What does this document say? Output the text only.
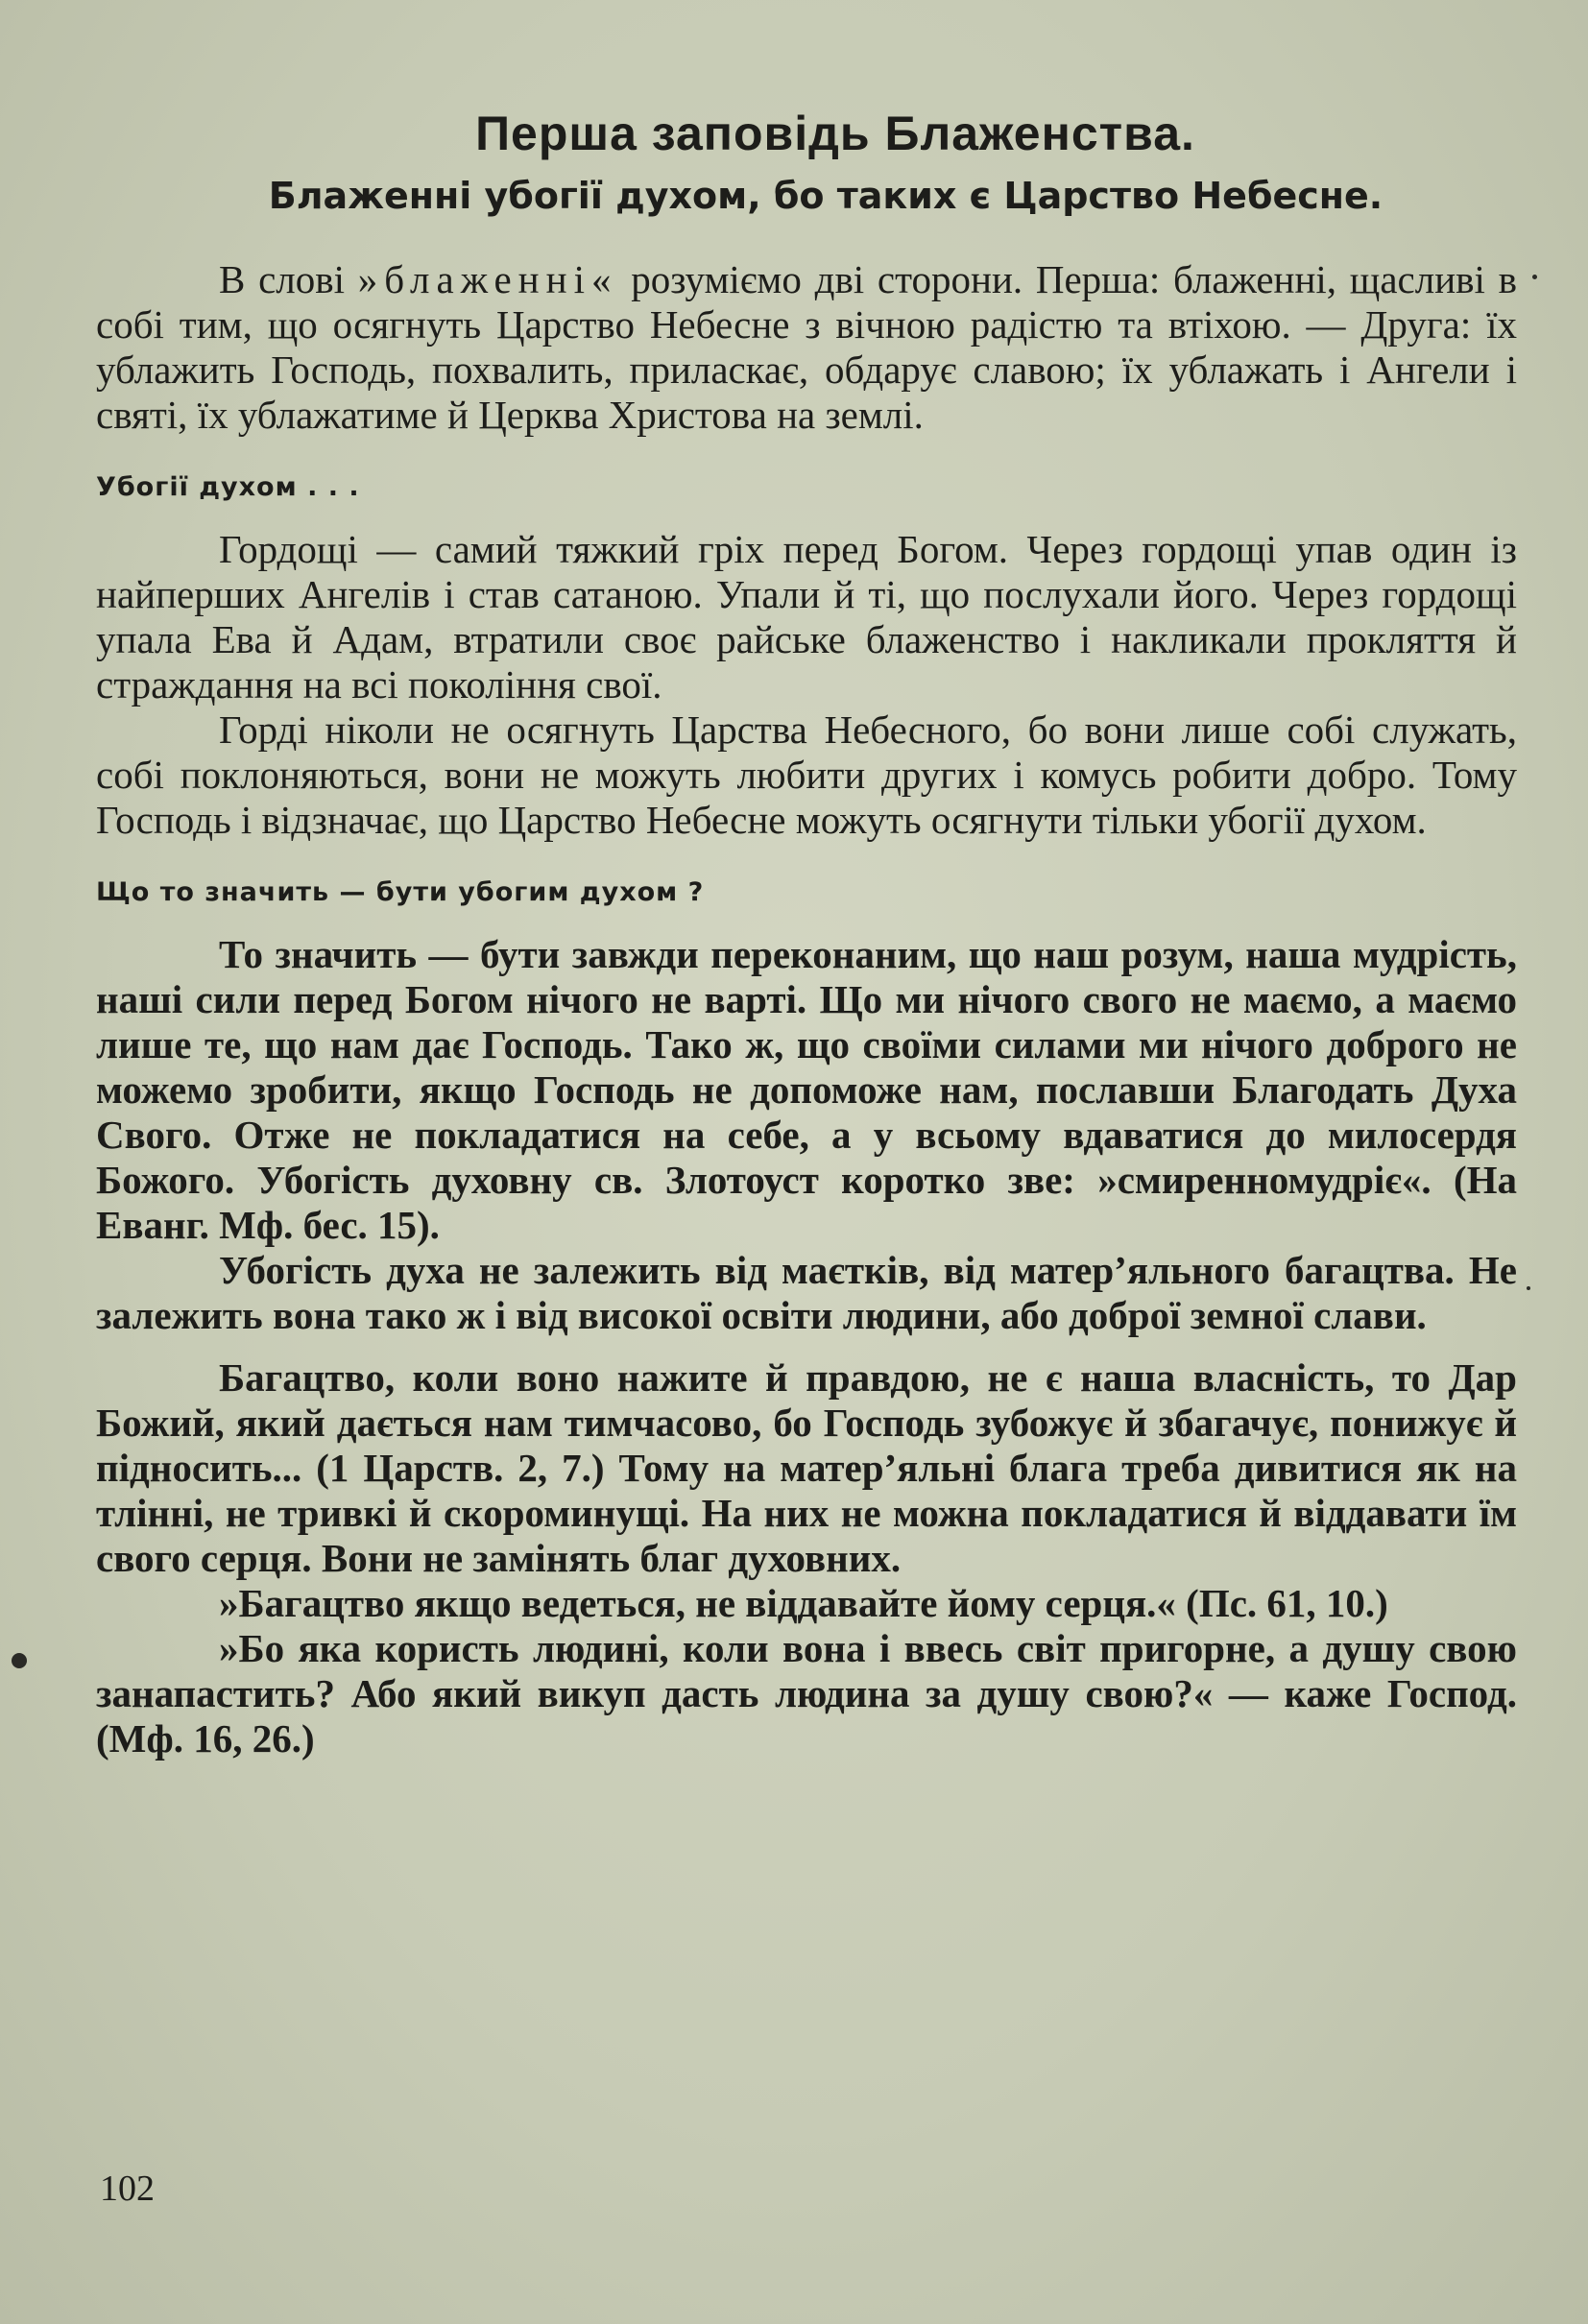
Перша заповідь Блаженства.
Блаженні убогії духом, бо таких є Царство Небесне.

В слові »блаженні« розуміємо дві сторони. Перша: блаженні, щасливі в собі тим, що осягнуть Царство Небесне з вічною радістю та втіхою. — Друга: їх ублажить Господь, похвалить, приласкає, обдарує славою; їх ублажать і Ангели і святі, їх ублажатиме й Церква Христова на землі.

Убогії духом . . .

Гордощі — самий тяжкий гріх перед Богом. Через гордощі упав один із найперших Ангелів і став сатаною. Упали й ті, що послухали його. Через гордощі упала Ева й Адам, втратили своє райське блаженство і накликали прокляття й страждання на всі покоління свої.

Горді ніколи не осягнуть Царства Небесного, бо вони лише собі служать, собі поклоняються, вони не можуть любити других і комусь робити добро. Тому Господь і відзначає, що Царство Небесне можуть осягнути тільки убогії духом.

Що то значить — бути убогим духом ?

То значить — бути завжди переконаним, що наш розум, наша мудрість, наші сили перед Богом нічого не варті. Що ми нічого свого не маємо, а маємо лише те, що нам дає Господь. Тако ж, що своїми силами ми нічого доброго не можемо зробити, якщо Господь не допоможе нам, пославши Благодать Духа Свого. Отже не покладатися на себе, а у всьому вдаватися до милосердя Божого. Убогість духовну св. Злотоуст коротко зве: »смиренномудріє«. (На Еванг. Мф. бес. 15).

Убогість духа не залежить від маєтків, від матер’яльного багацтва. Не залежить вона тако ж і від високої освіти людини, або доброї земної слави.

Багацтво, коли воно нажите й правдою, не є наша власність, то Дар Божий, який дається нам тимчасово, бо Господь зубожує й збагачує, понижує й підносить... (1 Царств. 2, 7.) Тому на матер’яльні блага треба дивитися як на тлінні, не тривкі й скороминущі. На них не можна покладатися й віддавати їм свого серця. Вони не замінять благ духовних.

»Багацтво якщо ведеться, не віддавайте йому серця.« (Пс. 61, 10.)

»Бо яка користь людині, коли вона і ввесь світ пригорне, а душу свою занапастить? Або який викуп дасть людина за душу свою?« — каже Господ. (Мф. 16, 26.)

102
